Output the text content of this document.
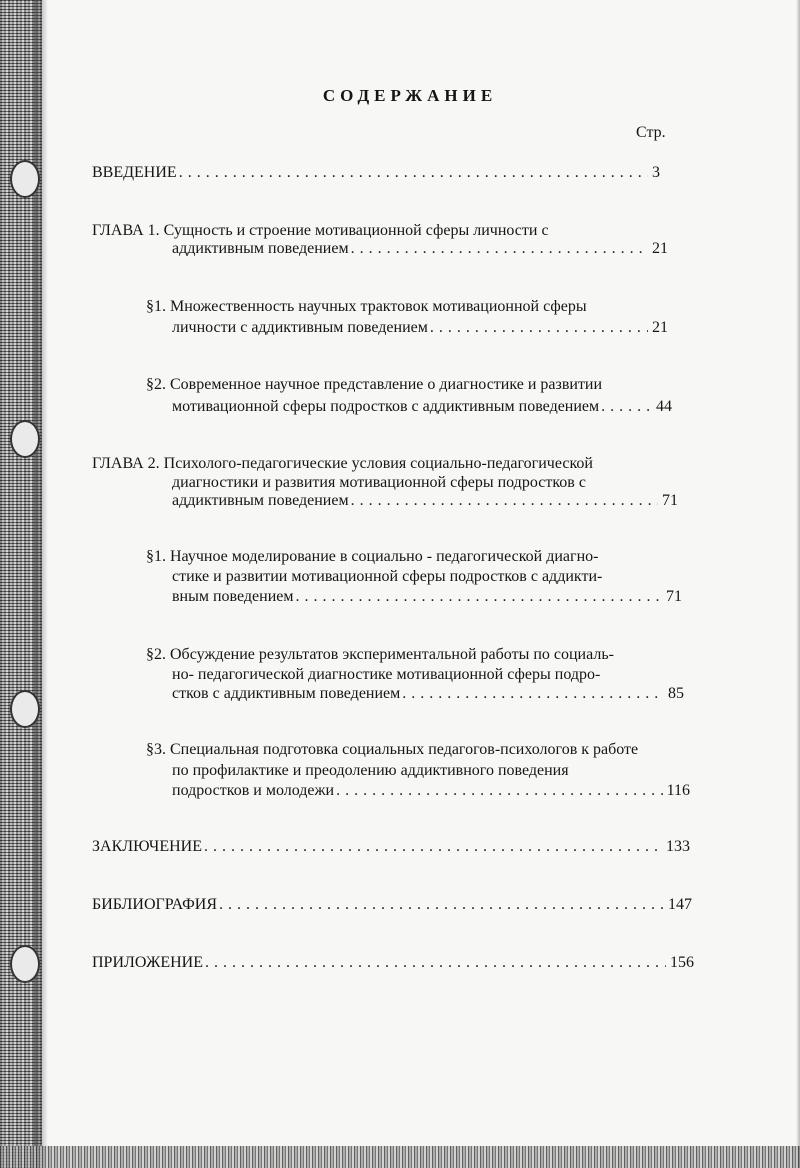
СОДЕРЖАНИЕ
Стр.
ВВЕДЕНИЕ . . .	3
ГЛАВА 1. Сущность и строение мотивационной сферы личности с
аддиктивным поведением . . .	21
§1. Множественность научных трактовок мотивационной сферы
личности с аддиктивным поведением . . .	21
§2. Современное научное представление о диагностике и развитии
мотивационной сферы подростков с аддиктивным поведением . . .	44
ГЛАВА 2. Психолого-педагогические условия социально-педагогической
диагностики и развития мотивационной сферы подростков с
аддиктивным поведением . . .	71
§1. Научное моделирование в социально - педагогической диагно-
стике и развитии мотивационной сферы подростков с аддикти-
вным поведением . . .	71
§2. Обсуждение результатов экспериментальной работы по социаль-
но- педагогической диагностике мотивационной сферы подро-
стков с аддиктивным поведением . . .	85
§3. Специальная подготовка социальных педагогов-психологов к работе
по профилактике и преодолению аддиктивного поведения
подростков и молодежи . . .	116
ЗАКЛЮЧЕНИЕ . . .	133
БИБЛИОГРАФИЯ . . .	147
ПРИЛОЖЕНИЕ . . .	156
